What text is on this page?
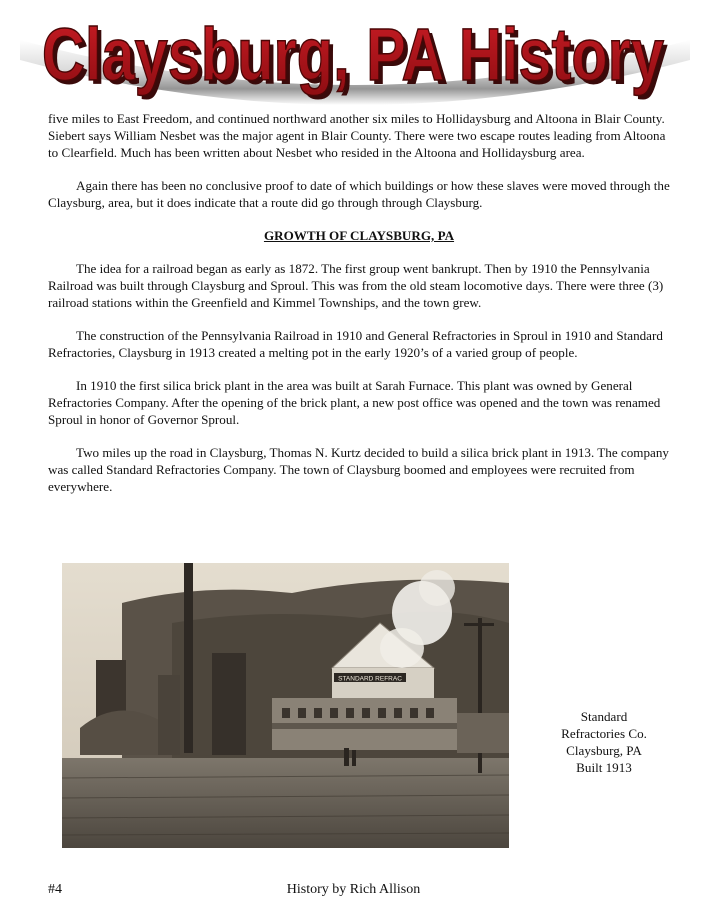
Claysburg, PA History
Claysburg, PA History

five miles to East Freedom, and continued northward another six miles to Hollidaysburg and Altoona in Blair County. Siebert says William Nesbet was the major agent in Blair County. There were two escape routes leading from Altoona to Clearfield. Much has been written about Nesbet who resided in the Altoona and Hollidaysburg area.

Again there has been no conclusive proof to date of which buildings or how these slaves were moved through the Claysburg, area, but it does indicate that a route did go through through Claysburg.

GROWTH OF CLAYSBURG, PA

The idea for a railroad began as early as 1872. The first group went bankrupt. Then by 1910 the Pennsylvania Railroad was built through Claysburg and Sproul. This was from the old steam locomotive days. There were three (3) railroad stations within the Greenfield and Kimmel Townships, and the town grew.

The construction of the Pennsylvania Railroad in 1910 and General Refractories in Sproul in 1910 and Standard Refractories, Claysburg in 1913 created a melting pot in the early 1920’s of a varied group of people.

In 1910 the first silica brick plant in the area was built at Sarah Furnace. This plant was owned by General Refractories Company. After the opening of the brick plant, a new post office was opened and the town was renamed Sproul in honor of Governor Sproul.

Two miles up the road in Claysburg, Thomas N. Kurtz decided to build a silica brick plant in 1913. The company was called Standard Refractories Company. The town of Claysburg boomed and employees were recruited from everywhere.

STANDARD REFRAC
Standard
Refractories Co.
Claysburg, PA
Built 1913
History by Rich Allison
#4
